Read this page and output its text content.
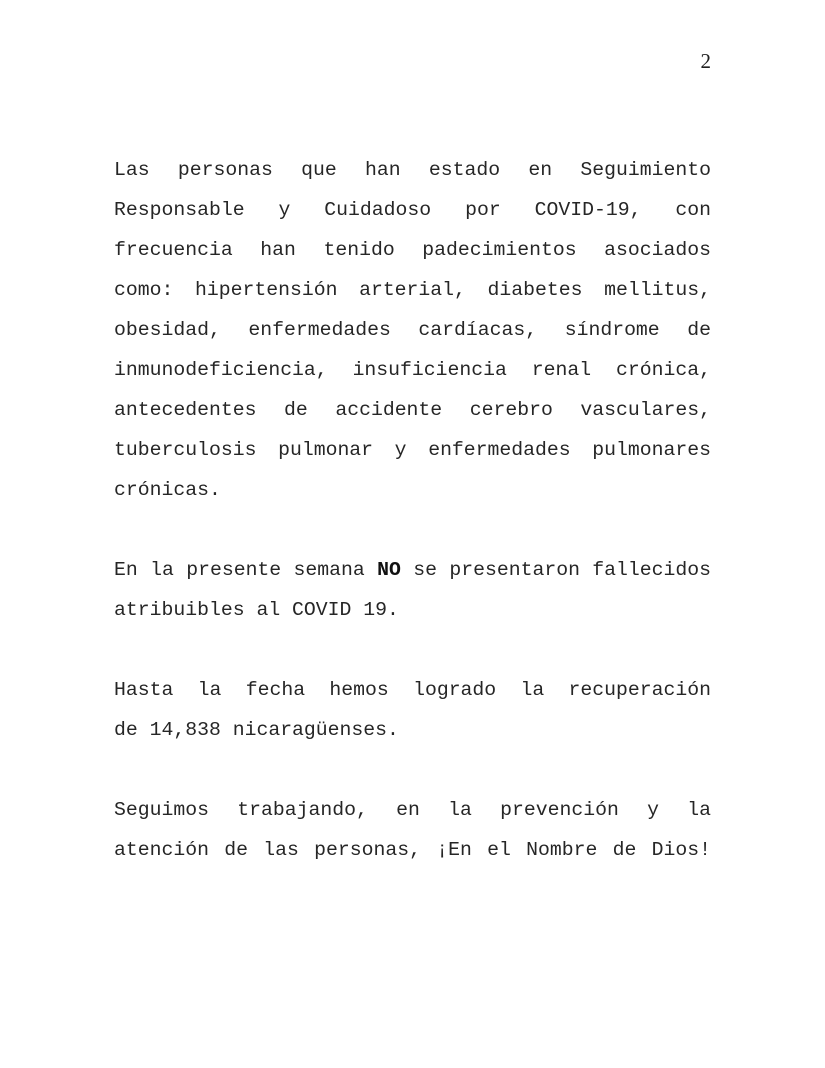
2
Las personas que han estado en Seguimiento
Responsable y Cuidadoso por COVID-19, con
frecuencia han tenido padecimientos asociados
como: hipertensión arterial, diabetes mellitus,
obesidad, enfermedades cardíacas, síndrome de
inmunodeficiencia, insuficiencia renal crónica,
antecedentes de accidente cerebro vasculares,
tuberculosis pulmonar y enfermedades pulmonares
crónicas.
En la presente semana NO se presentaron fallecidos
atribuibles al COVID 19.
Hasta la fecha hemos logrado la recuperación
de 14,838 nicaragüenses.
Seguimos trabajando, en la prevención y la
atención de las personas, ¡En el Nombre de Dios!
